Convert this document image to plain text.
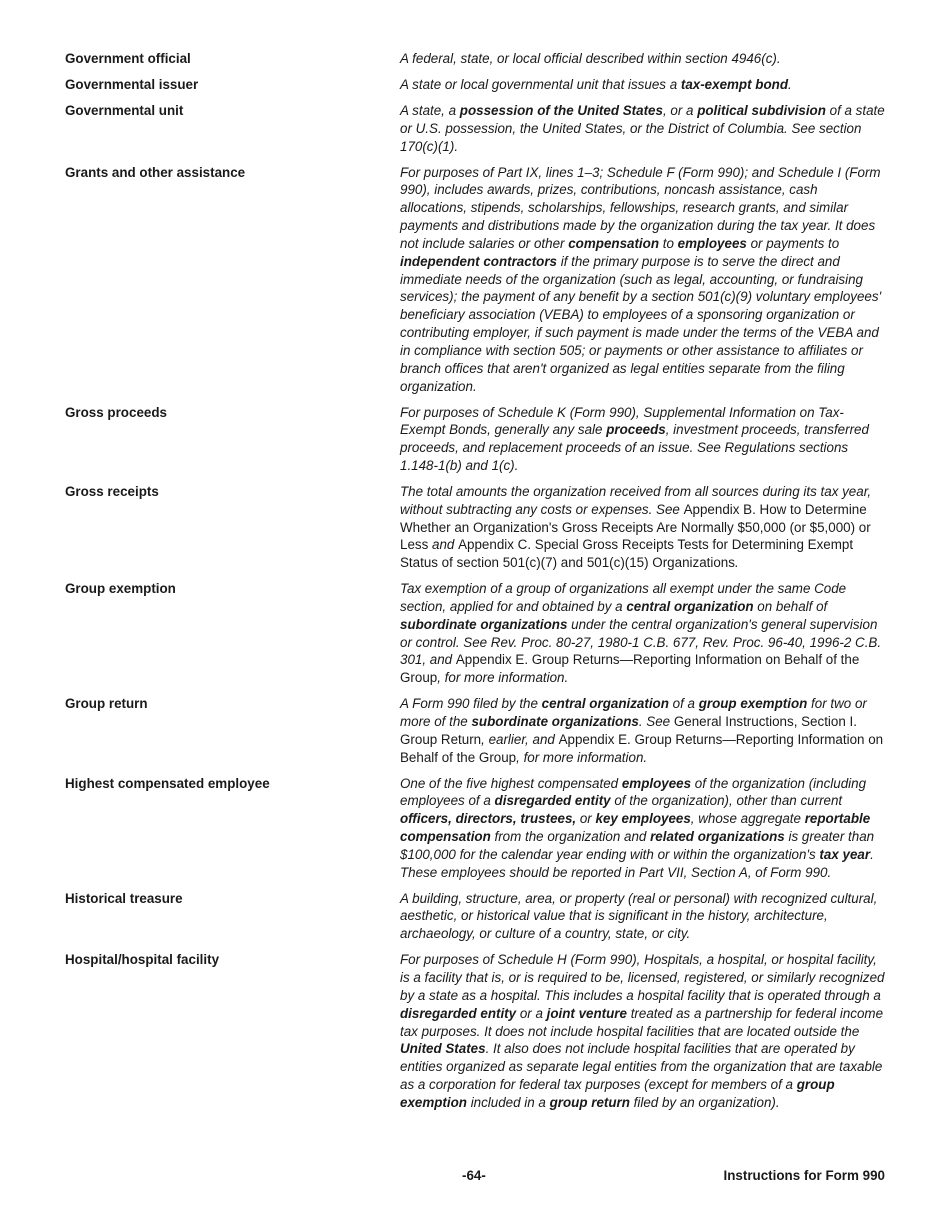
Government official	A federal, state, or local official described within section 4946(c).
Governmental issuer	A state or local governmental unit that issues a tax-exempt bond.
Governmental unit	A state, a possession of the United States, or a political subdivision of a state or U.S. possession, the United States, or the District of Columbia. See section 170(c)(1).
Grants and other assistance	For purposes of Part IX, lines 1–3; Schedule F (Form 990); and Schedule I (Form 990), includes awards, prizes, contributions, noncash assistance, cash allocations, stipends, scholarships, fellowships, research grants, and similar payments and distributions made by the organization during the tax year. It does not include salaries or other compensation to employees or payments to independent contractors if the primary purpose is to serve the direct and immediate needs of the organization (such as legal, accounting, or fundraising services); the payment of any benefit by a section 501(c)(9) voluntary employees' beneficiary association (VEBA) to employees of a sponsoring organization or contributing employer, if such payment is made under the terms of the VEBA and in compliance with section 505; or payments or other assistance to affiliates or branch offices that aren't organized as legal entities separate from the filing organization.
Gross proceeds	For purposes of Schedule K (Form 990), Supplemental Information on Tax-Exempt Bonds, generally any sale proceeds, investment proceeds, transferred proceeds, and replacement proceeds of an issue. See Regulations sections 1.148-1(b) and 1(c).
Gross receipts	The total amounts the organization received from all sources during its tax year, without subtracting any costs or expenses. See Appendix B. How to Determine Whether an Organization's Gross Receipts Are Normally $50,000 (or $5,000) or Less and Appendix C. Special Gross Receipts Tests for Determining Exempt Status of section 501(c)(7) and 501(c)(15) Organizations.
Group exemption	Tax exemption of a group of organizations all exempt under the same Code section, applied for and obtained by a central organization on behalf of subordinate organizations under the central organization's general supervision or control. See Rev. Proc. 80-27, 1980-1 C.B. 677, Rev. Proc. 96-40, 1996-2 C.B. 301, and Appendix E. Group Returns—Reporting Information on Behalf of the Group, for more information.
Group return	A Form 990 filed by the central organization of a group exemption for two or more of the subordinate organizations. See General Instructions, Section I. Group Return, earlier, and Appendix E. Group Returns—Reporting Information on Behalf of the Group, for more information.
Highest compensated employee	One of the five highest compensated employees of the organization (including employees of a disregarded entity of the organization), other than current officers, directors, trustees, or key employees, whose aggregate reportable compensation from the organization and related organizations is greater than $100,000 for the calendar year ending with or within the organization's tax year. These employees should be reported in Part VII, Section A, of Form 990.
Historical treasure	A building, structure, area, or property (real or personal) with recognized cultural, aesthetic, or historical value that is significant in the history, architecture, archaeology, or culture of a country, state, or city.
Hospital/hospital facility	For purposes of Schedule H (Form 990), Hospitals, a hospital, or hospital facility, is a facility that is, or is required to be, licensed, registered, or similarly recognized by a state as a hospital. This includes a hospital facility that is operated through a disregarded entity or a joint venture treated as a partnership for federal income tax purposes. It does not include hospital facilities that are located outside the United States. It also does not include hospital facilities that are operated by entities organized as separate legal entities from the organization that are taxable as a corporation for federal tax purposes (except for members of a group exemption included in a group return filed by an organization).
-64-	Instructions for Form 990
